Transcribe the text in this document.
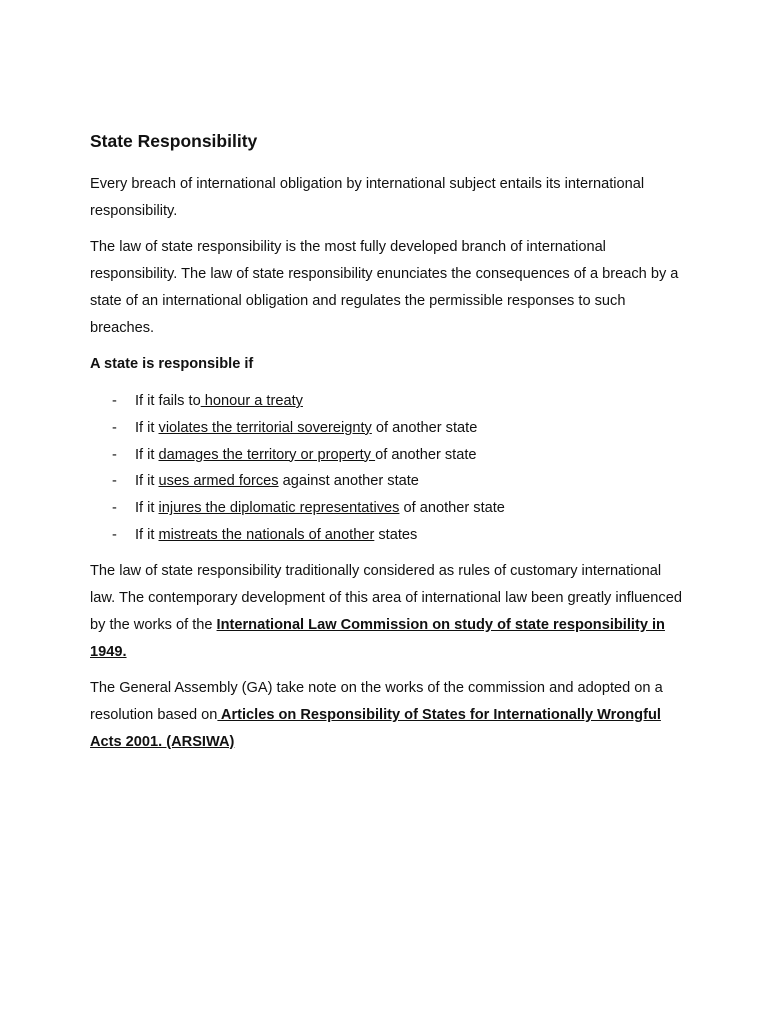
State Responsibility

Every breach of international obligation by international subject entails its international responsibility.

The law of state responsibility is the most fully developed branch of international responsibility. The law of state responsibility enunciates the consequences of a breach by a state of an international obligation and regulates the permissible responses to such breaches.

A state is responsible if
- If it fails to honour a treaty
- If it violates the territorial sovereignty of another state
- If it damages the territory or property of another state
- If it uses armed forces against another state
- If it injures the diplomatic representatives of another state
- If it mistreats the nationals of another states

The law of state responsibility traditionally considered as rules of customary international law. The contemporary development of this area of international law been greatly influenced by the works of the International Law Commission on study of state responsibility in 1949.

The General Assembly (GA) take note on the works of the commission and adopted on a resolution based on Articles on Responsibility of States for Internationally Wrongful Acts 2001. (ARSIWA)
